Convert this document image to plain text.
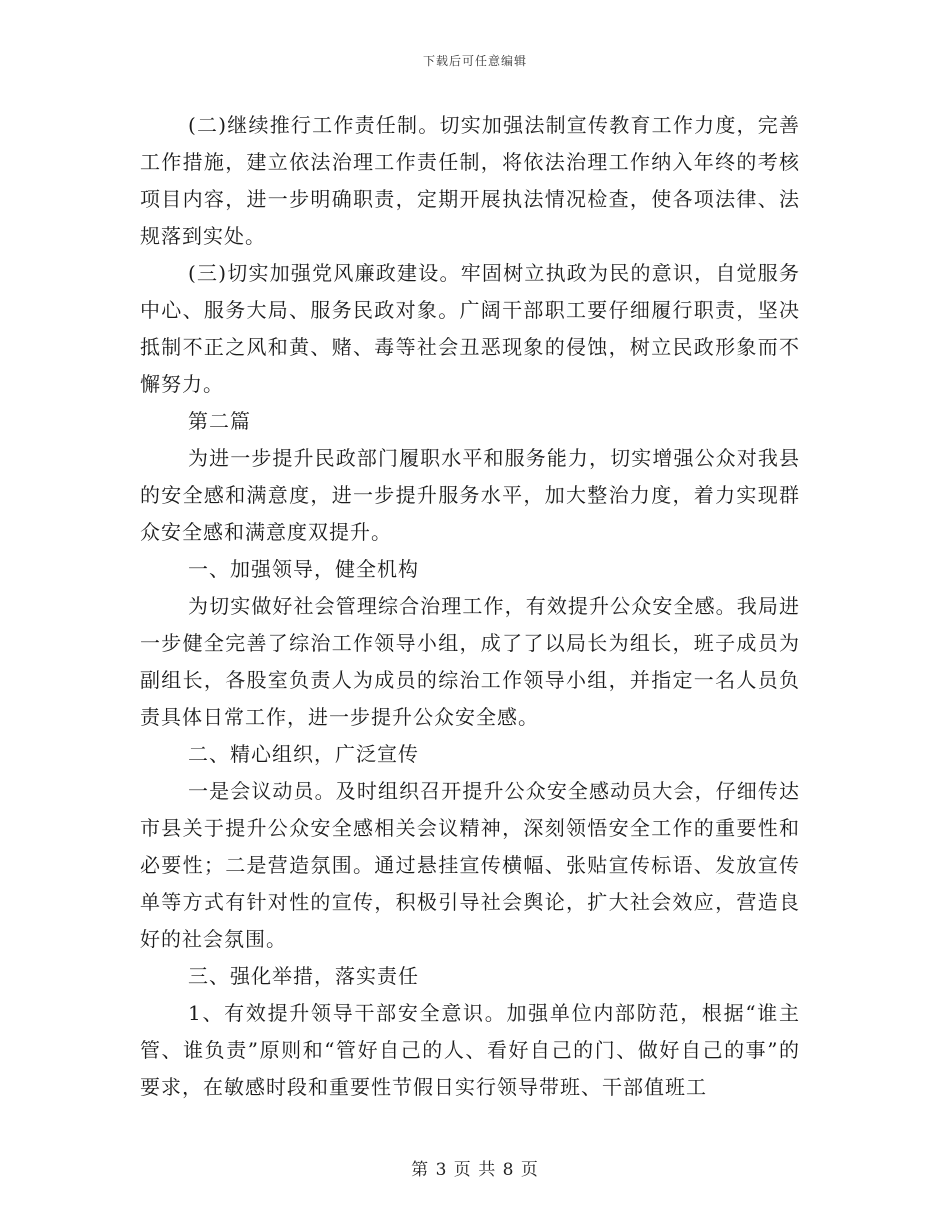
下载后可任意编辑

(二)继续推行工作责任制。切实加强法制宣传教育工作力度，完善工作措施，建立依法治理工作责任制，将依法治理工作纳入年终的考核项目内容，进一步明确职责，定期开展执法情况检查，使各项法律、法规落到实处。

(三)切实加强党风廉政建设。牢固树立执政为民的意识，自觉服务中心、服务大局、服务民政对象。广阔干部职工要仔细履行职责，坚决抵制不正之风和黄、赌、毒等社会丑恶现象的侵蚀，树立民政形象而不懈努力。

第二篇

为进一步提升民政部门履职水平和服务能力，切实增强公众对我县的安全感和满意度，进一步提升服务水平，加大整治力度，着力实现群众安全感和满意度双提升。

一、加强领导，健全机构

为切实做好社会管理综合治理工作，有效提升公众安全感。我局进一步健全完善了综治工作领导小组，成了了以局长为组长，班子成员为副组长，各股室负责人为成员的综治工作领导小组，并指定一名人员负责具体日常工作，进一步提升公众安全感。

二、精心组织，广泛宣传

一是会议动员。及时组织召开提升公众安全感动员大会，仔细传达市县关于提升公众安全感相关会议精神，深刻领悟安全工作的重要性和必要性；二是营造氛围。通过悬挂宣传横幅、张贴宣传标语、发放宣传单等方式有针对性的宣传，积极引导社会舆论，扩大社会效应，营造良好的社会氛围。

三、强化举措，落实责任

1、有效提升领导干部安全意识。加强单位内部防范，根据“谁主管、谁负责”原则和“管好自己的人、看好自己的门、做好自己的事”的要求，在敏感时段和重要性节假日实行领导带班、干部值班工

第 3 页 共 8 页
